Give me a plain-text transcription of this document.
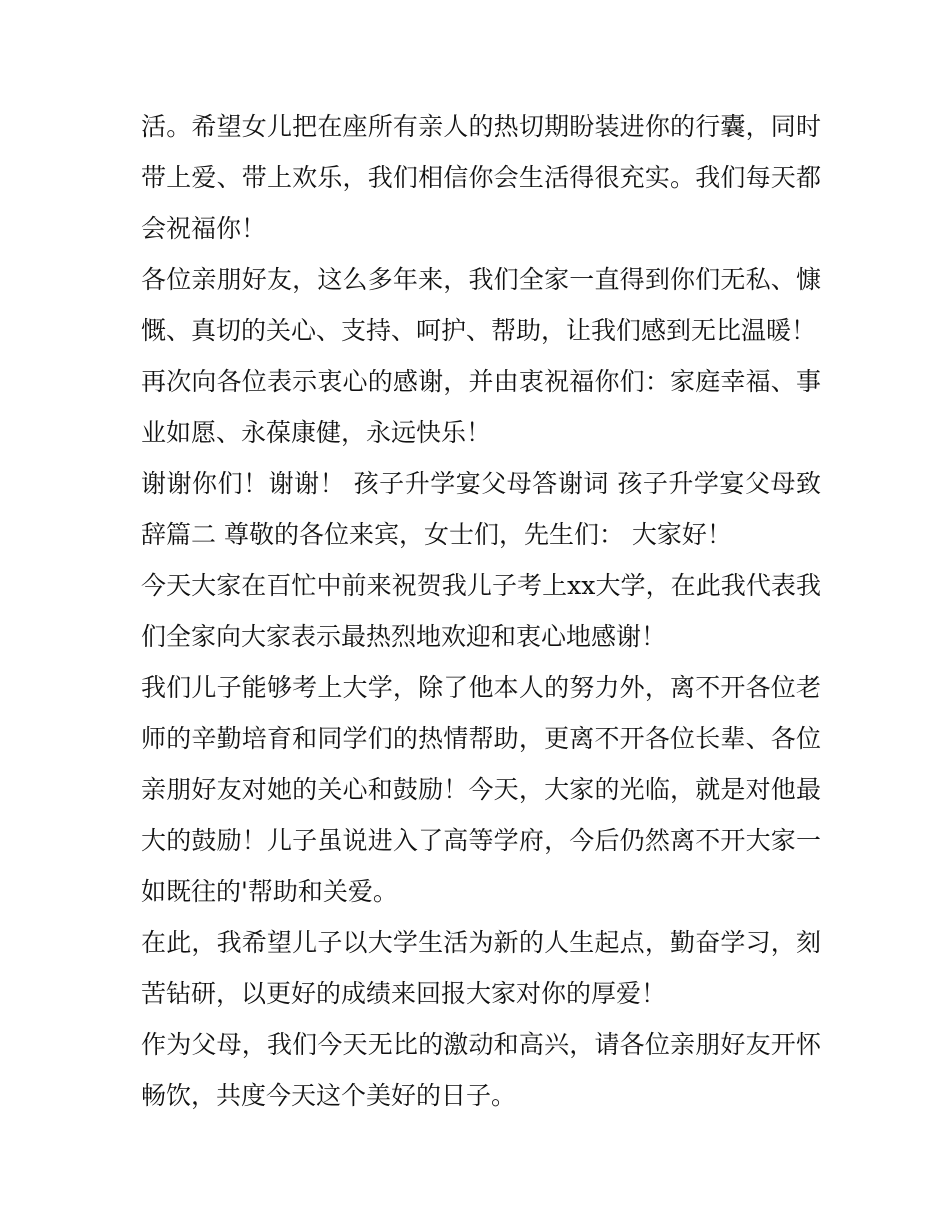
活。希望女儿把在座所有亲人的热切期盼装进你的行囊，同时带上爱、带上欢乐，我们相信你会生活得很充实。我们每天都会祝福你！

各位亲朋好友，这么多年来，我们全家一直得到你们无私、慷慨、真切的关心、支持、呵护、帮助，让我们感到无比温暖！

再次向各位表示衷心的感谢，并由衷祝福你们：家庭幸福、事业如愿、永葆康健，永远快乐！

谢谢你们！谢谢！ 孩子升学宴父母答谢词 孩子升学宴父母致辞篇二 尊敬的各位来宾，女士们，先生们： 大家好！

今天大家在百忙中前来祝贺我儿子考上xx大学，在此我代表我们全家向大家表示最热烈地欢迎和衷心地感谢！

我们儿子能够考上大学，除了他本人的努力外，离不开各位老师的辛勤培育和同学们的热情帮助，更离不开各位长辈、各位亲朋好友对她的关心和鼓励！今天，大家的光临，就是对他最大的鼓励！儿子虽说进入了高等学府，今后仍然离不开大家一如既往的'帮助和关爱。

在此，我希望儿子以大学生活为新的人生起点，勤奋学习，刻苦钻研，以更好的成绩来回报大家对你的厚爱！

作为父母，我们今天无比的激动和高兴，请各位亲朋好友开怀畅饮，共度今天这个美好的日子。
